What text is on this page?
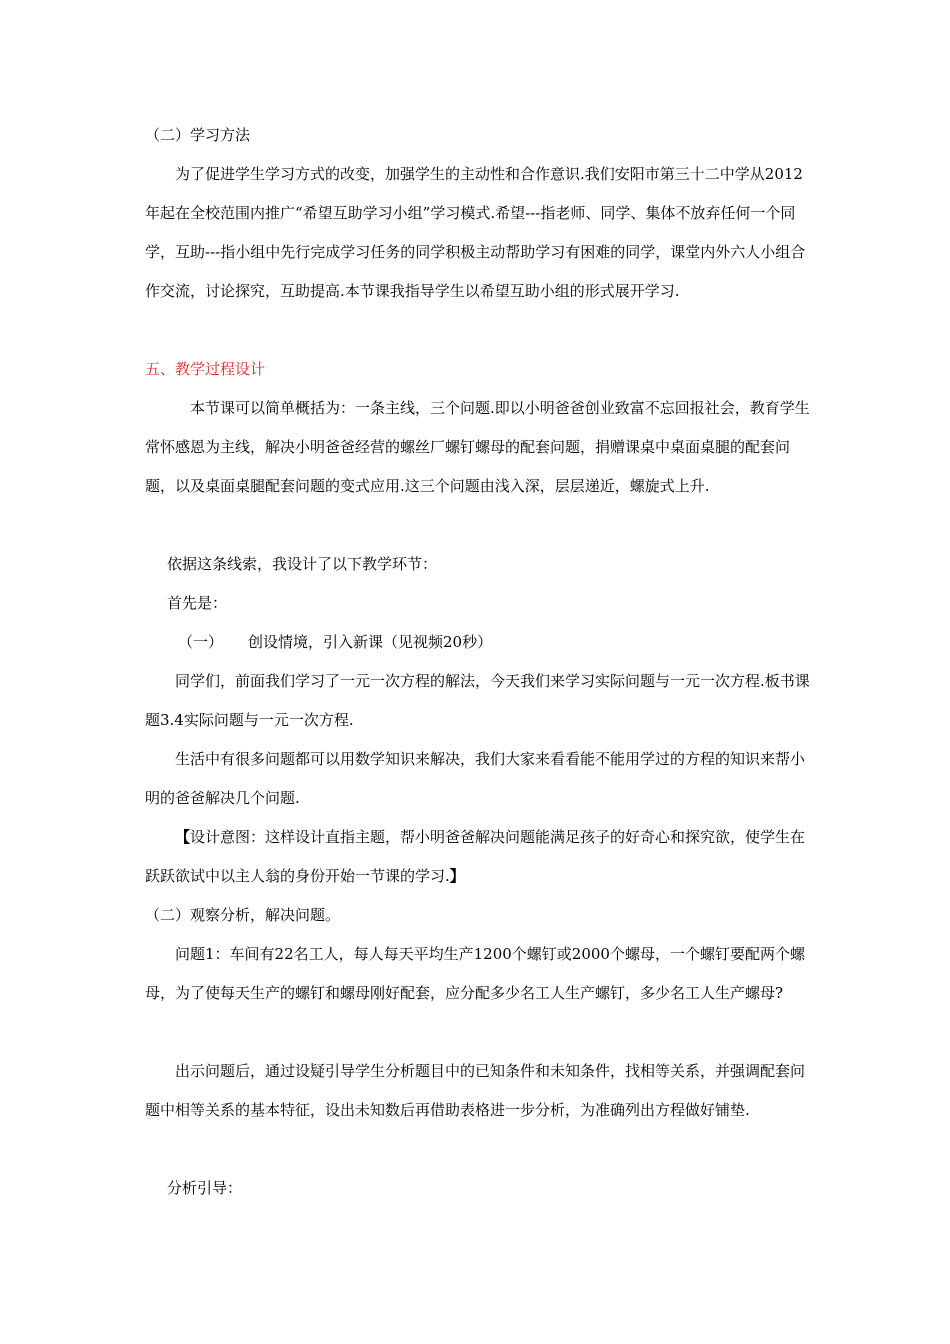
（二）学习方法

为了促进学生学习方式的改变，加强学生的主动性和合作意识.我们安阳市第三十二中学从2012年起在全校范围内推广“希望互助学习小组”学习模式.希望---指老师、同学、集体不放弃任何一个同学，互助---指小组中先行完成学习任务的同学积极主动帮助学习有困难的同学，课堂内外六人小组合作交流，讨论探究，互助提高.本节课我指导学生以希望互助小组的形式展开学习.

五、教学过程设计

本节课可以简单概括为：一条主线，三个问题.即以小明爸爸创业致富不忘回报社会，教育学生常怀感恩为主线，解决小明爸爸经营的螺丝厂螺钉螺母的配套问题，捐赠课桌中桌面桌腿的配套问题，以及桌面桌腿配套问题的变式应用.这三个问题由浅入深，层层递近，螺旋式上升.

依据这条线索，我设计了以下教学环节：

首先是：

（一） 创设情境，引入新课（见视频20秒）

同学们，前面我们学习了一元一次方程的解法，今天我们来学习实际问题与一元一次方程.板书课题3.4实际问题与一元一次方程.

生活中有很多问题都可以用数学知识来解决，我们大家来看看能不能用学过的方程的知识来帮小明的爸爸解决几个问题.

【设计意图：这样设计直指主题，帮小明爸爸解决问题能满足孩子的好奇心和探究欲，使学生在跃跃欲试中以主人翁的身份开始一节课的学习.】

（二）观察分析，解决问题。

问题1：车间有22名工人，每人每天平均生产1200个螺钉或2000个螺母，一个螺钉要配两个螺母，为了使每天生产的螺钉和螺母刚好配套，应分配多少名工人生产螺钉，多少名工人生产螺母?

出示问题后，通过设疑引导学生分析题目中的已知条件和未知条件，找相等关系，并强调配套问题中相等关系的基本特征，设出未知数后再借助表格进一步分析，为准确列出方程做好铺垫.

分析引导：
